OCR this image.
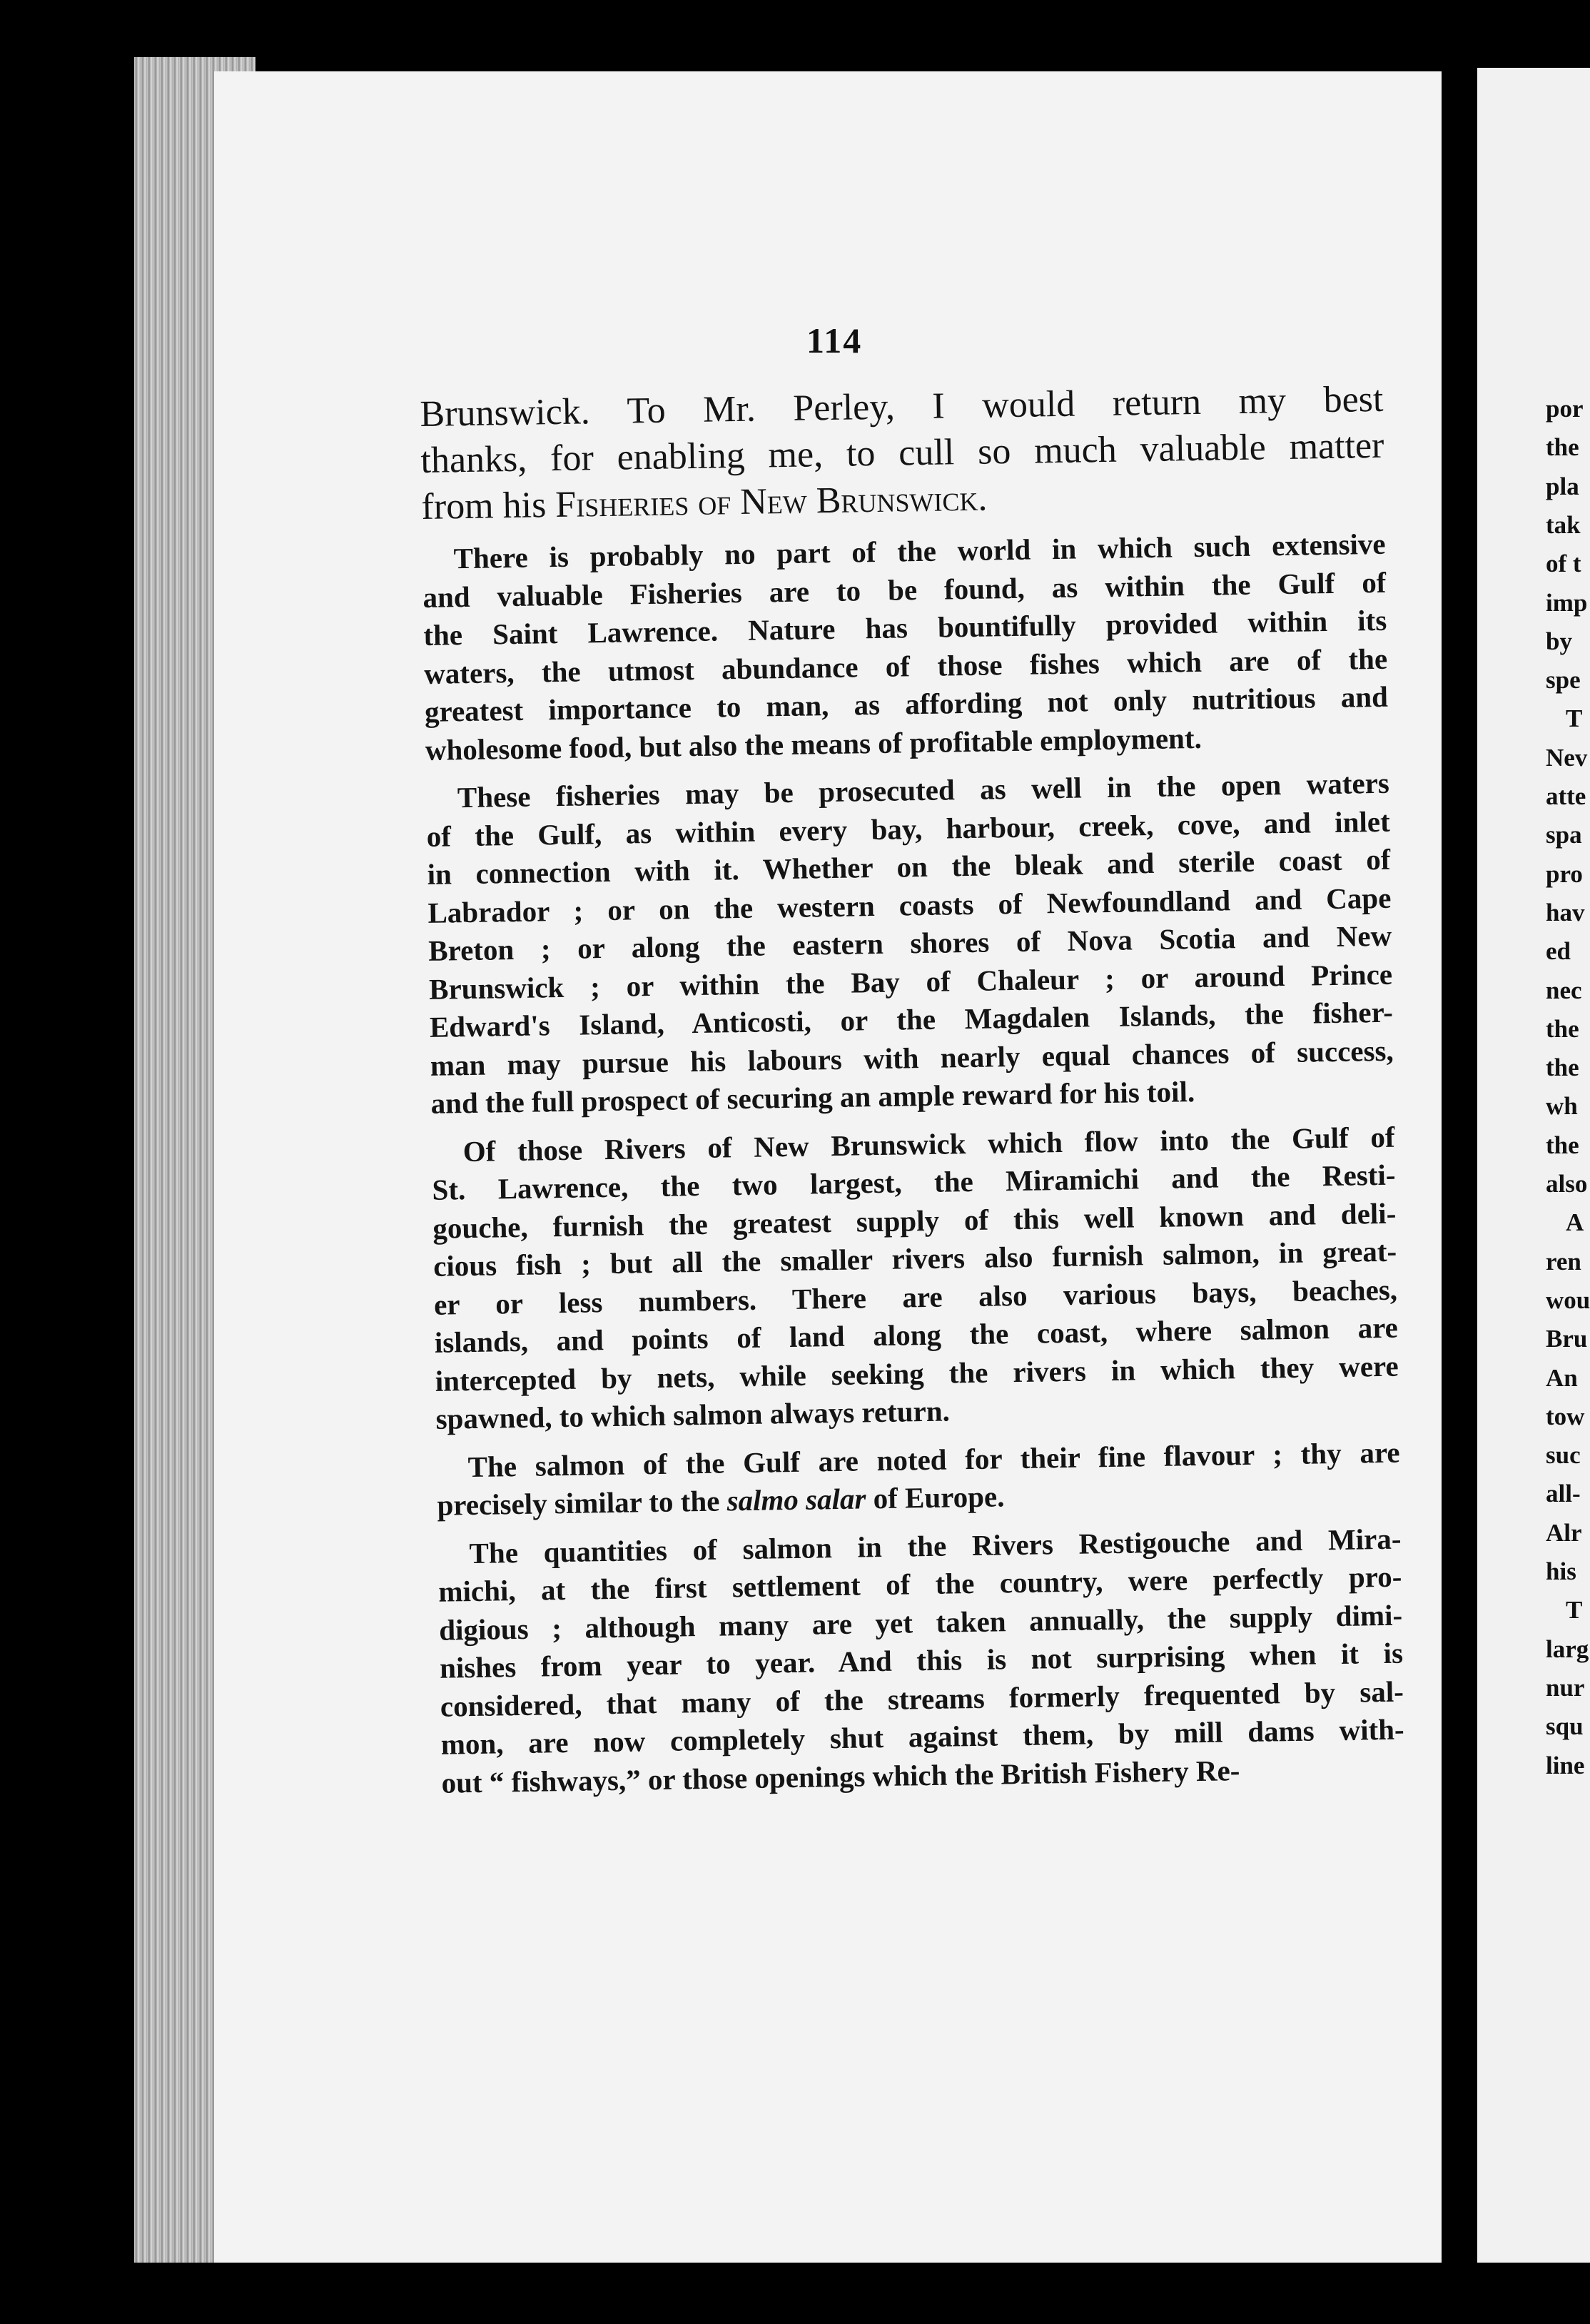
por
the
pla
tak
of t
imp
by
spe
T
Nev
atte
spa
pro
hav
ed
nec
the
the
wh
the
also
A
ren
wou
Bru
An
tow
suc
all-
Alr
his
T
larg
nur
squ
line
114
Brunswick. To Mr. Perley, I would return my best
thanks, for enabling me, to cull so much valuable matter
from his Fisheries of New Brunswick.
There is probably no part of the world in which such extensive
and valuable Fisheries are to be found, as within the Gulf of
the Saint Lawrence. Nature has bountifully provided within its
waters, the utmost abundance of those fishes which are of the
greatest importance to man, as affording not only nutritious and
wholesome food, but also the means of profitable employment.
These fisheries may be prosecuted as well in the open waters
of the Gulf, as within every bay, harbour, creek, cove, and inlet
in connection with it. Whether on the bleak and sterile coast of
Labrador ; or on the western coasts of Newfoundland and Cape
Breton ; or along the eastern shores of Nova Scotia and New
Brunswick ; or within the Bay of Chaleur ; or around Prince
Edward's Island, Anticosti, or the Magdalen Islands, the fisher-
man may pursue his labours with nearly equal chances of success,
and the full prospect of securing an ample reward for his toil.
Of those Rivers of New Brunswick which flow into the Gulf of
St. Lawrence, the two largest, the Miramichi and the Resti-
gouche, furnish the greatest supply of this well known and deli-
cious fish ; but all the smaller rivers also furnish salmon, in great-
er or less numbers. There are also various bays, beaches,
islands, and points of land along the coast, where salmon are
intercepted by nets, while seeking the rivers in which they were
spawned, to which salmon always return.
The salmon of the Gulf are noted for their fine flavour ; thy are
precisely similar to the salmo salar of Europe.
The quantities of salmon in the Rivers Restigouche and Mira-
michi, at the first settlement of the country, were perfectly pro-
digious ; although many are yet taken annually, the supply dimi-
nishes from year to year. And this is not surprising when it is
considered, that many of the streams formerly frequented by sal-
mon, are now completely shut against them, by mill dams with-
out “ fishways,” or those openings which the British Fishery Re-
